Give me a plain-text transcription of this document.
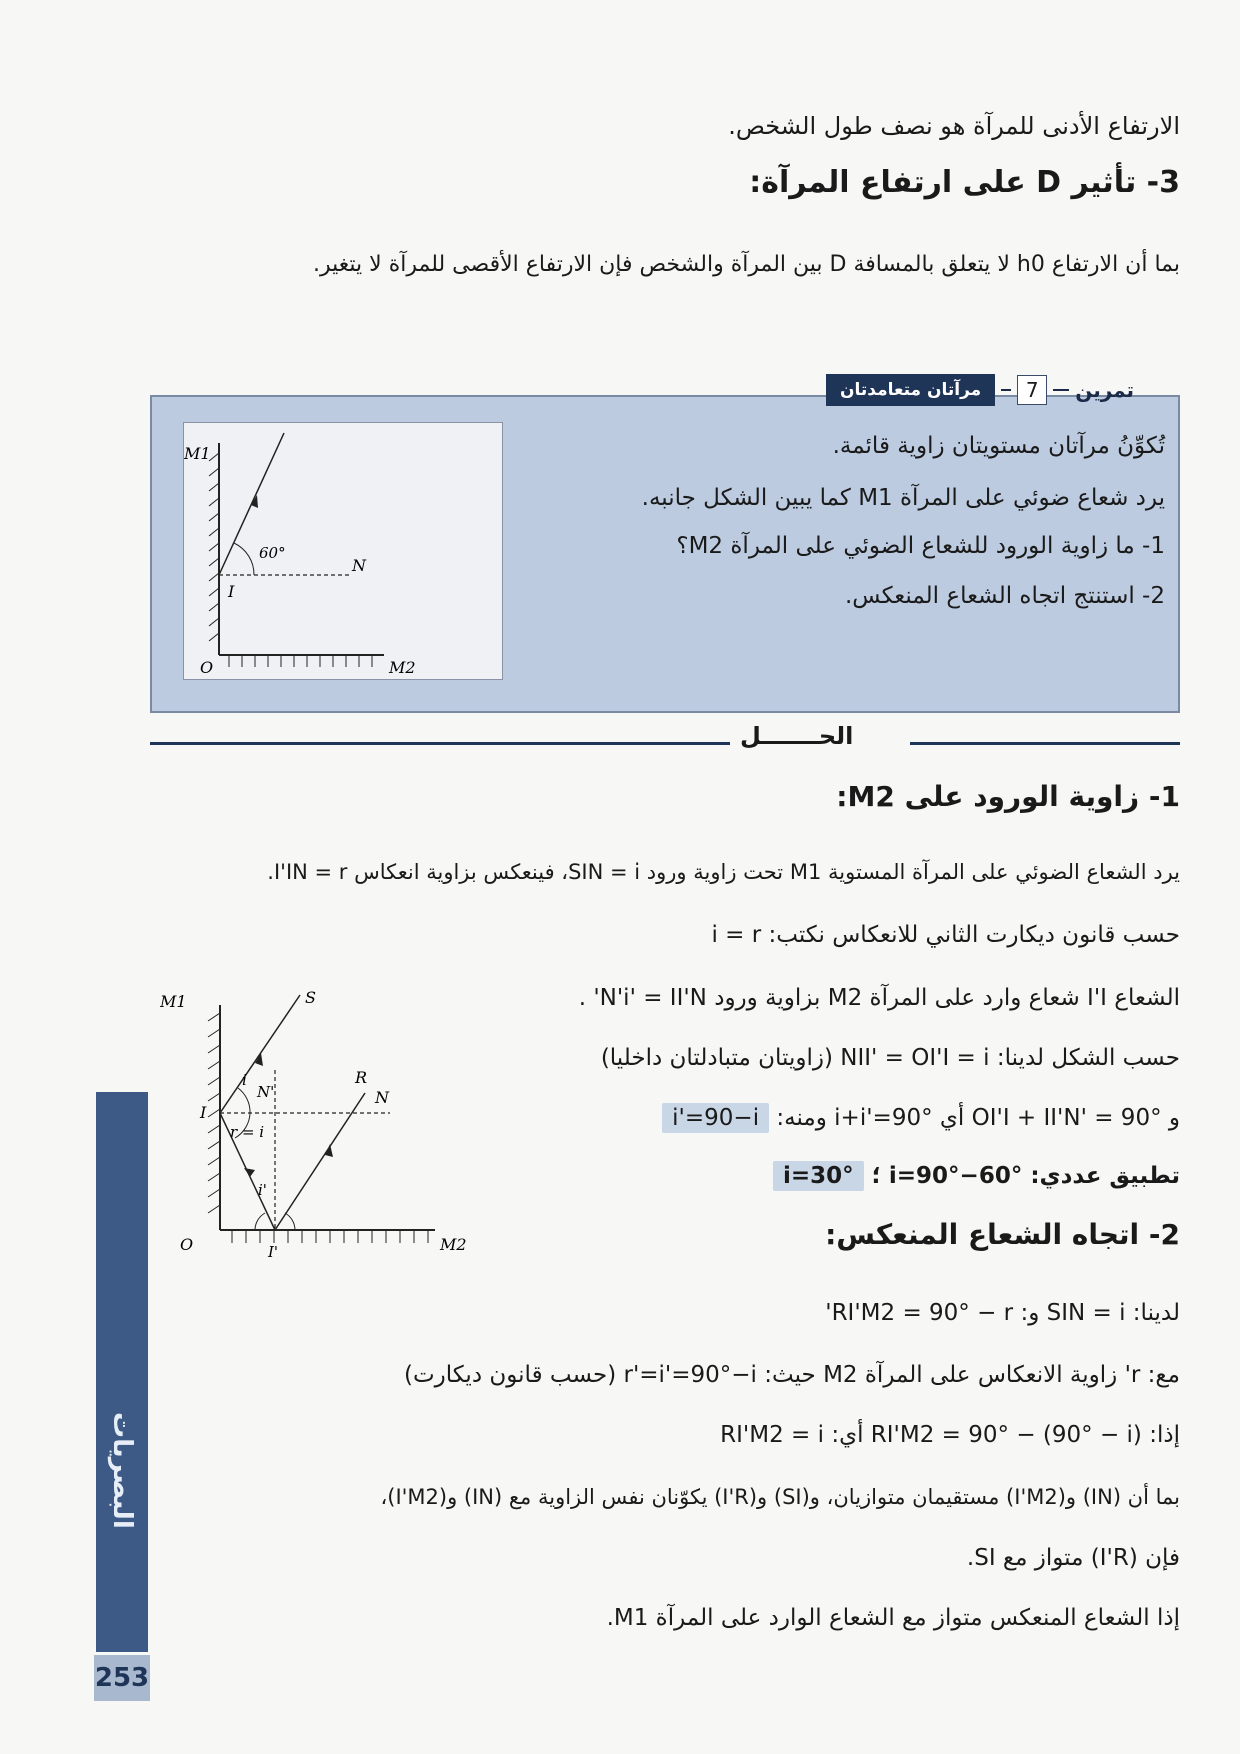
الارتفاع الأدنى للمرآة هو نصف طول الشخص.
3- تأثير D على ارتفاع المرآة:
بما أن الارتفاع h0 لا يتعلق بالمسافة D بين المرآة والشخص فإن الارتفاع الأقصى للمرآة لا يتغير.
تمرين
7
مرآتان متعامدتان
تُكوِّنُ مرآتان مستويتان زاوية قائمة.
يرد شعاع ضوئي على المرآة M1 كما يبين الشكل جانبه.
1- ما زاوية الورود للشعاع الضوئي على المرآة M2؟
2- استنتج اتجاه الشعاع المنعكس.
60°
M1
I
N
O	M2
الحـــــــل
1- زاوية الورود على M2:
يرد الشعاع الضوئي على المرآة المستوية M1 تحت زاوية ورود SIN = i، فينعكس بزاوية انعكاس I'IN = r.
حسب قانون ديكارت الثاني للانعكاس نكتب: i = r
الشعاع I'I شعاع وارد على المرآة M2 بزاوية ورود N'i' = II'N' .
حسب الشكل لدينا: NII' = OI'I = i (زاويتان متبادلتان داخليا)
و OI'I + II'N' = 90° أي i+i'=90° ومنه: i'=90−i
تطبيق عددي: i=90°−60° ؛ i=30°
2- اتجاه الشعاع المنعكس:
لدينا: SIN = i و: RI'M2 = 90° − r'
مع: r' زاوية الانعكاس على المرآة M2 حيث: r'=i'=90°−i (حسب قانون ديكارت)
إذا: RI'M2 = 90° − (90° − i) أي: RI'M2 = i
بما أن (IN) و(I'M2) مستقيمان متوازيان، و(SI) و(I'R) يكوّنان نفس الزاوية مع (IN) و(I'M2)،
فإن (I'R) متواز مع SI.
إذا الشعاع المنعكس متواز مع الشعاع الوارد على المرآة M1.
M1	S
R
N
N'
I
I'
i
r = i
i'
O	M2
البصريات
253
